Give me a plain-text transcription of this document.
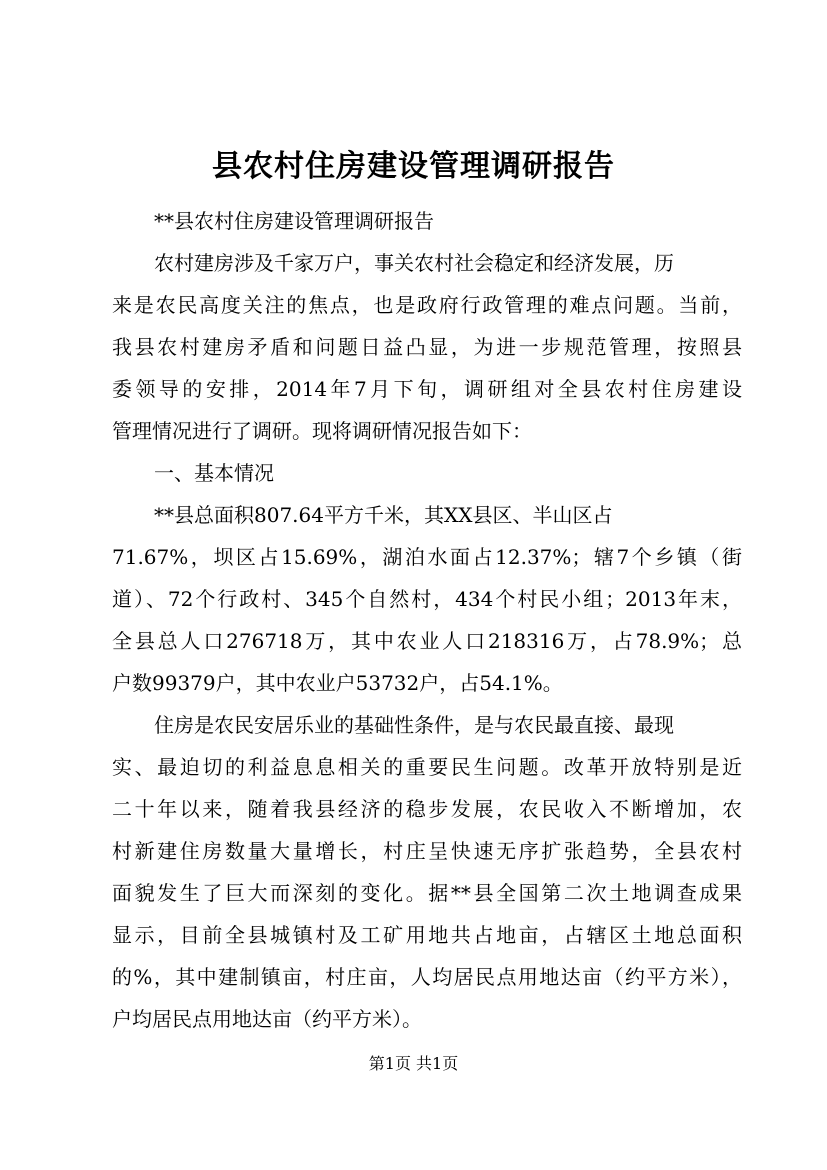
县农村住房建设管理调研报告
**县农村住房建设管理调研报告
农村建房涉及千家万户，事关农村社会稳定和经济发展，历
来是农民高度关注的焦点，也是政府行政管理的难点问题。当前，
我县农村建房矛盾和问题日益凸显，为进一步规范管理，按照县
委领导的安排，2014年7月下旬，调研组对全县农村住房建设
管理情况进行了调研。现将调研情况报告如下：
一、基本情况
**县总面积807.64平方千米，其XX县区、半山区占
71.67%，坝区占15.69%，湖泊水面占12.37%；辖7个乡镇（街
道）、72个行政村、345个自然村，434个村民小组；2013年末，
全县总人口276718万，其中农业人口218316万，占78.9%；总
户数99379户，其中农业户53732户，占54.1%。
住房是农民安居乐业的基础性条件，是与农民最直接、最现
实、最迫切的利益息息相关的重要民生问题。改革开放特别是近
二十年以来，随着我县经济的稳步发展，农民收入不断增加，农
村新建住房数量大量增长，村庄呈快速无序扩张趋势，全县农村
面貌发生了巨大而深刻的变化。据**县全国第二次土地调查成果
显示，目前全县城镇村及工矿用地共占地亩，占辖区土地总面积
的%，其中建制镇亩，村庄亩，人均居民点用地达亩（约平方米），
户均居民点用地达亩（约平方米）。
第1页 共1页
